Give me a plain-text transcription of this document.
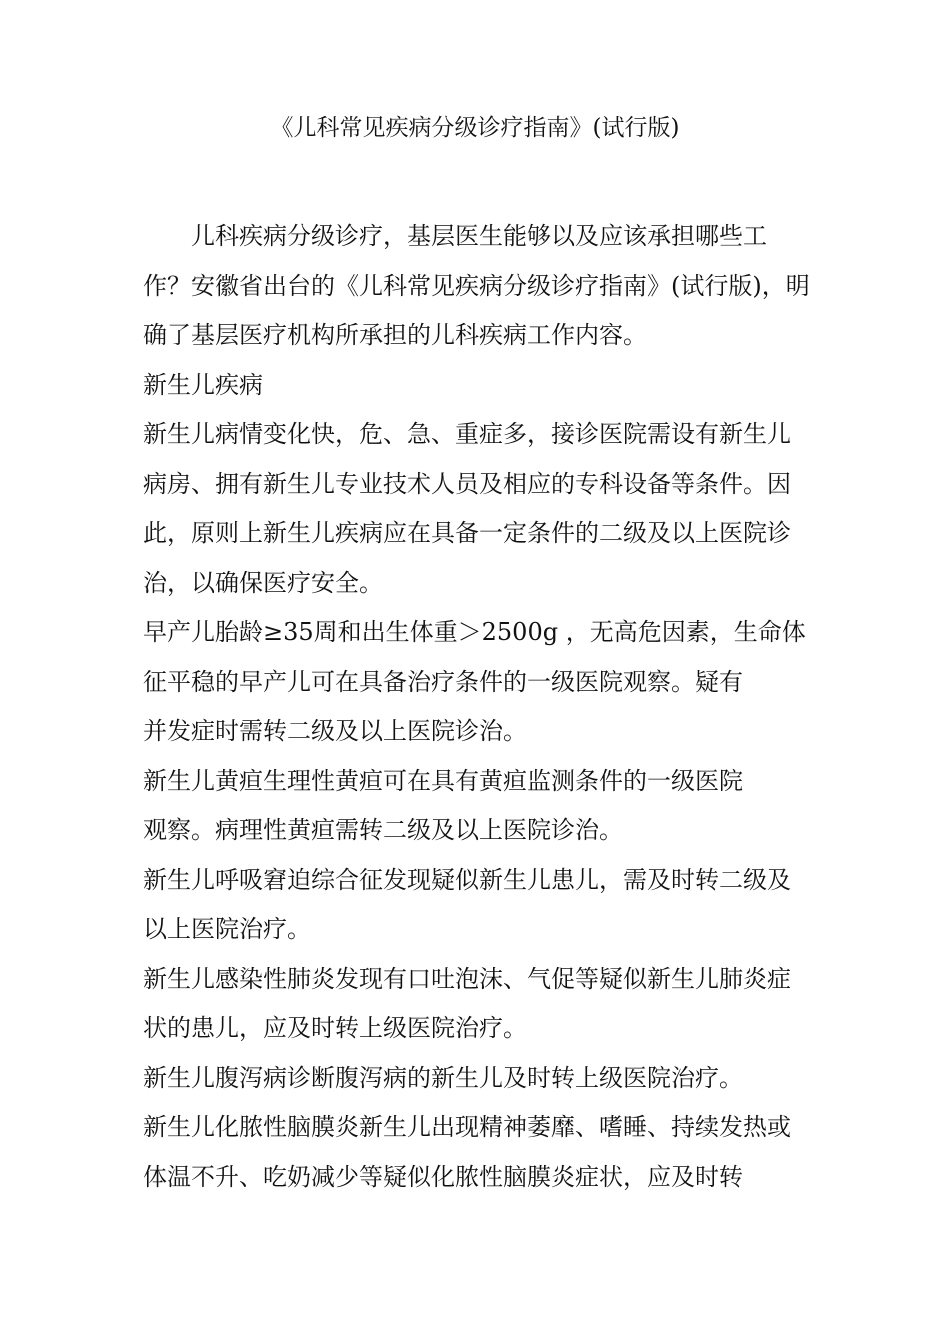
《儿科常见疾病分级诊疗指南》(试行版)

儿科疾病分级诊疗，基层医生能够以及应该承担哪些工作？安徽省出台的《儿科常见疾病分级诊疗指南》(试行版)，明确了基层医疗机构所承担的儿科疾病工作内容。

新生儿疾病

新生儿病情变化快，危、急、重症多，接诊医院需设有新生儿病房、拥有新生儿专业技术人员及相应的专科设备等条件。因此，原则上新生儿疾病应在具备一定条件的二级及以上医院诊治，以确保医疗安全。

早产儿胎龄≥35周和出生体重＞2500g ，无高危因素，生命体征平稳的早产儿可在具备治疗条件的一级医院观察。疑有
并发症时需转二级及以上医院诊治。

新生儿黄疸生理性黄疸可在具有黄疸监测条件的一级医院
观察。病理性黄疸需转二级及以上医院诊治。

新生儿呼吸窘迫综合征发现疑似新生儿患儿，需及时转二级及以上医院治疗。

新生儿感染性肺炎发现有口吐泡沫、气促等疑似新生儿肺炎症状的患儿，应及时转上级医院治疗。

新生儿腹泻病诊断腹泻病的新生儿及时转上级医院治疗。

新生儿化脓性脑膜炎新生儿出现精神萎靡、嗜睡、持续发热或体温不升、吃奶减少等疑似化脓性脑膜炎症状，应及时转
